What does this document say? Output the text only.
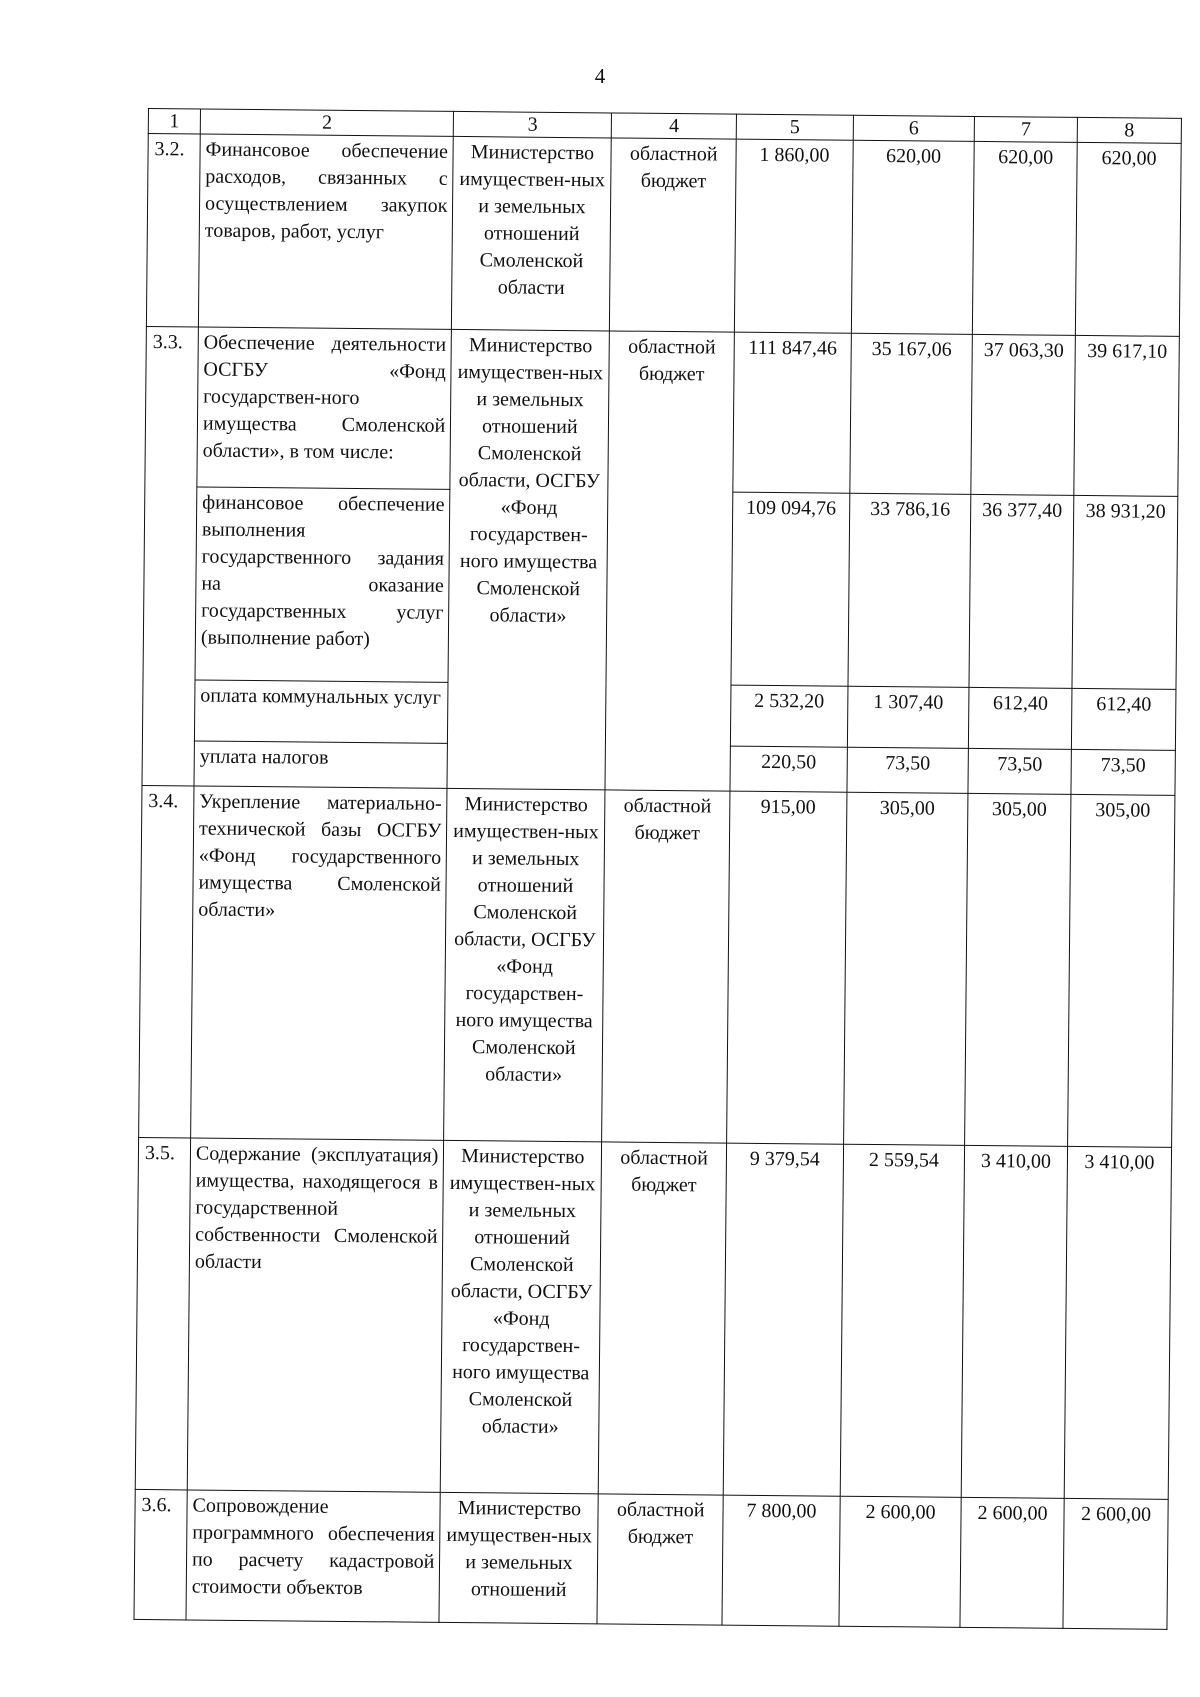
4
1	2	3	4	5	6	7	8
3.2.	Финансовое обеспечение расходов, связанных с осуществлением закупок товаров, работ, услуг	Министерство имуществен-ных и земельных отношений Смоленской области	областной бюджет	1 860,00	620,00	620,00	620,00
3.3.	Обеспечение деятельности ОСГБУ «Фонд государствен-ного имущества Смоленской области», в том числе:	Министерство имуществен-ных и земельных отношений Смоленской области, ОСГБУ «Фонд государствен-ного имущества Смоленской области»	областной бюджет	111 847,46	35 167,06	37 063,30	39 617,10
	финансовое обеспечение выполнения государственного задания на оказание государственных услуг (выполнение работ)			109 094,76	33 786,16	36 377,40	38 931,20
	оплата коммунальных услуг			2 532,20	1 307,40	612,40	612,40
	уплата налогов			220,50	73,50	73,50	73,50
3.4.	Укрепление материально-технической базы ОСГБУ «Фонд государственного имущества Смоленской области»	Министерство имуществен-ных и земельных отношений Смоленской области, ОСГБУ «Фонд государствен-ного имущества Смоленской области»	областной бюджет	915,00	305,00	305,00	305,00
3.5.	Содержание (эксплуатация) имущества, находящегося в государственной собственности Смоленской области	Министерство имуществен-ных и земельных отношений Смоленской области, ОСГБУ «Фонд государствен-ного имущества Смоленской области»	областной бюджет	9 379,54	2 559,54	3 410,00	3 410,00
3.6.	Сопровождение программного обеспечения по расчету кадастровой стоимости объектов	Министерство имуществен-ных и земельных отношений	областной бюджет	7 800,00	2 600,00	2 600,00	2 600,00
